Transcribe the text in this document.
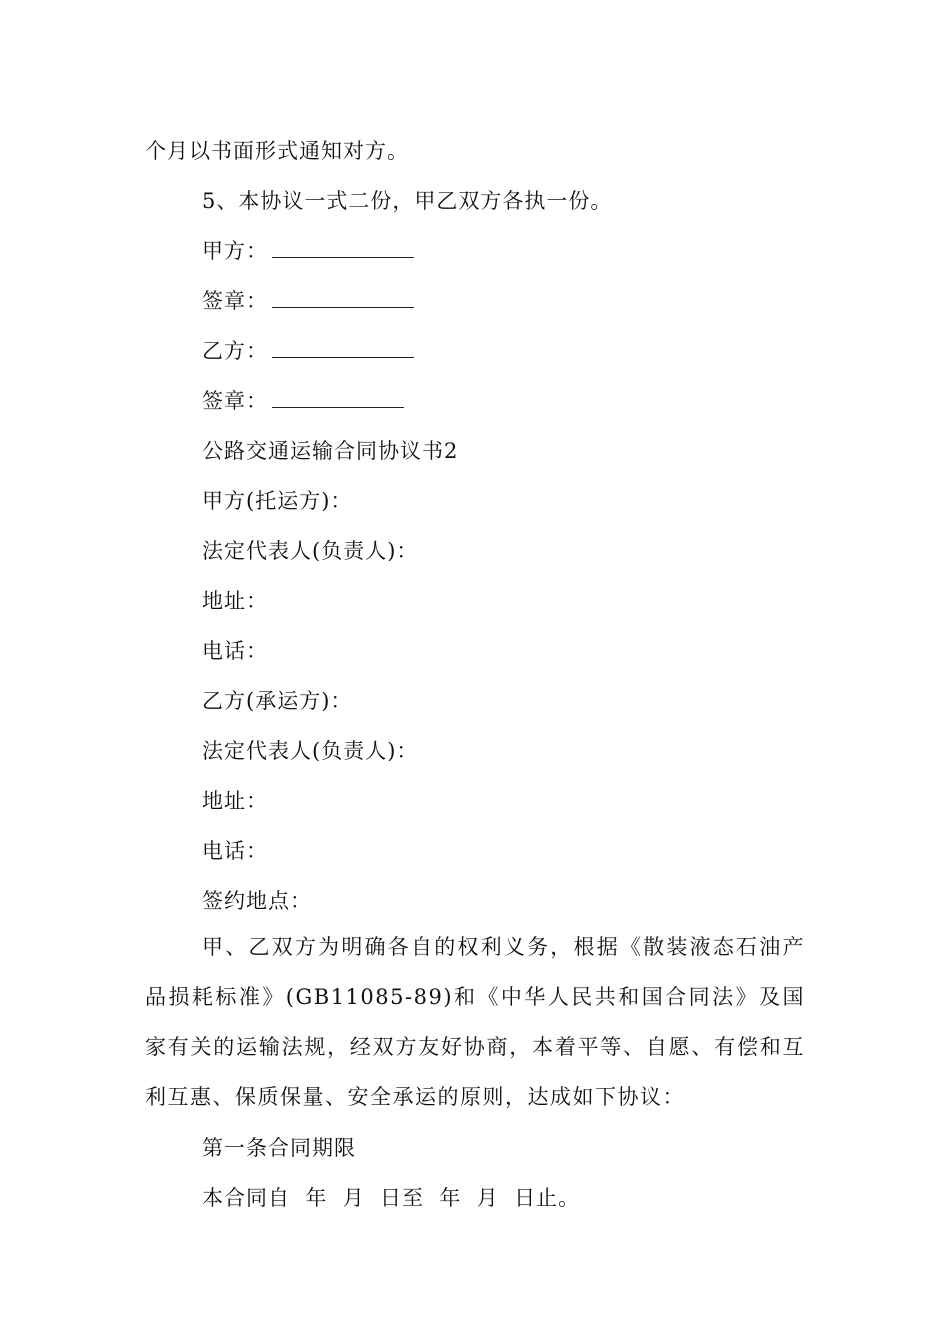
个月以书面形式通知对方。
5、本协议一式二份，甲乙双方各执一份。
甲方：
签章：
乙方：
签章：
公路交通运输合同协议书2
甲方(托运方)：
法定代表人(负责人)：
地址：
电话：
乙方(承运方)：
法定代表人(负责人)：
地址：
电话：
签约地点：
甲、乙双方为明确各自的权利义务，根据《散装液态石油产品损耗标准》(GB11085-89)和《中华人民共和国合同法》及国家有关的运输法规，经双方友好协商，本着平等、自愿、有偿和互利互惠、保质保量、安全承运的原则，达成如下协议：
第一条合同期限
本合同自  年  月  日至  年  月  日止。
